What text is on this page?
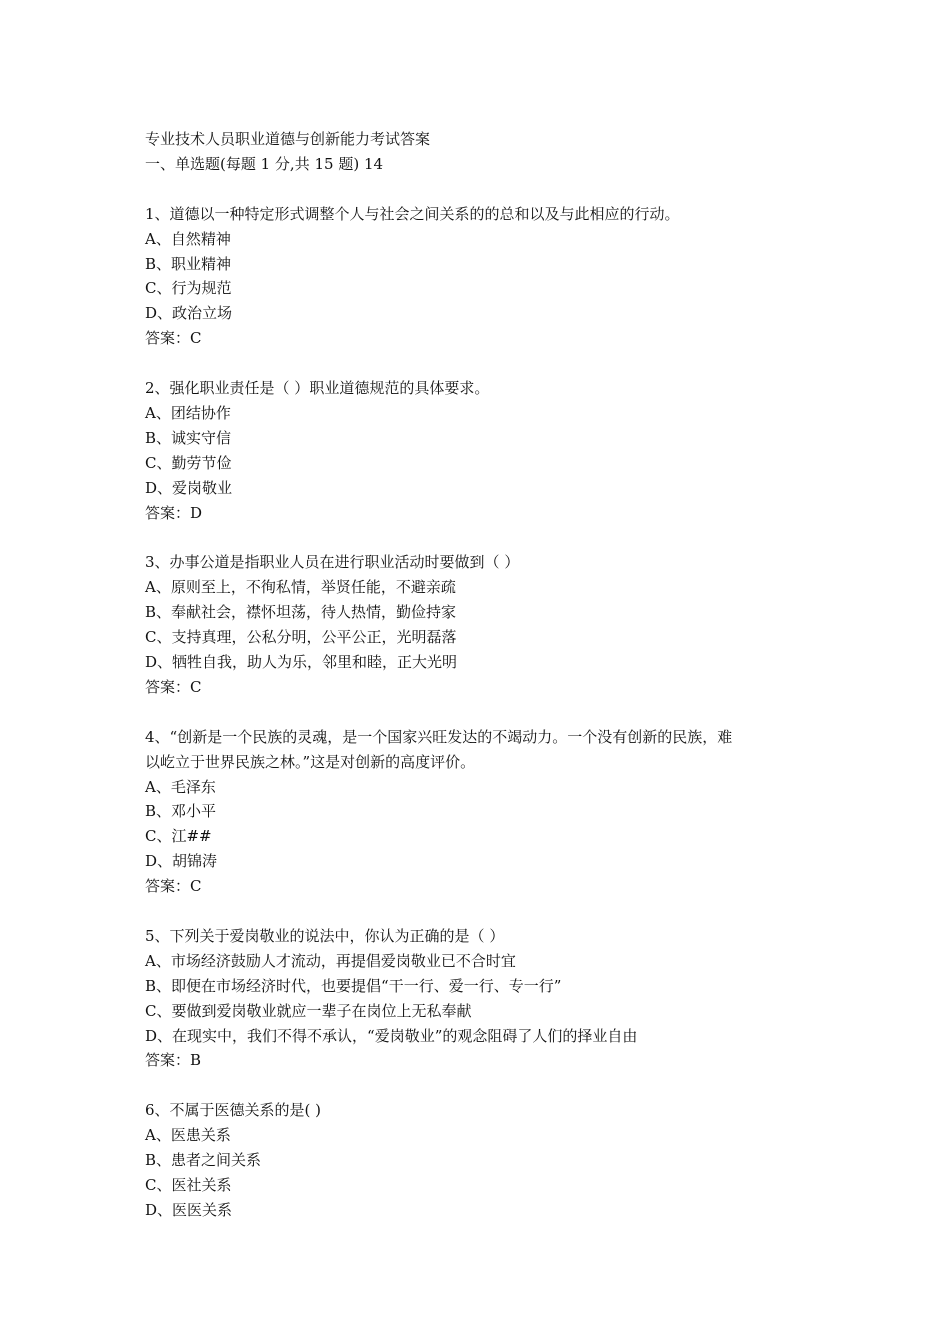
专业技术人员职业道德与创新能力考试答案
一、单选题(每题 1 分,共 15 题) 14
1、道德以一种特定形式调整个人与社会之间关系的的总和以及与此相应的行动。
A、自然精神
B、职业精神
C、行为规范
D、政治立场
答案：C
2、强化职业责任是（ ）职业道德规范的具体要求。
A、团结协作
B、诚实守信
C、勤劳节俭
D、爱岗敬业
答案：D
3、办事公道是指职业人员在进行职业活动时要做到（ ）
A、原则至上，不徇私情，举贤任能，不避亲疏
B、奉献社会，襟怀坦荡，待人热情，勤俭持家
C、支持真理，公私分明，公平公正，光明磊落
D、牺牲自我，助人为乐，邻里和睦，正大光明
答案：C
4、“创新是一个民族的灵魂，是一个国家兴旺发达的不竭动力。一个没有创新的民族，难
以屹立于世界民族之林。”这是对创新的高度评价。
A、毛泽东
B、邓小平
C、江##
D、胡锦涛
答案：C
5、下列关于爱岗敬业的说法中，你认为正确的是（ ）
A、市场经济鼓励人才流动，再提倡爱岗敬业已不合时宜
B、即便在市场经济时代，也要提倡“干一行、爱一行、专一行”
C、要做到爱岗敬业就应一辈子在岗位上无私奉献
D、在现实中，我们不得不承认，“爱岗敬业”的观念阻碍了人们的择业自由
答案：B
6、不属于医德关系的是( )
A、医患关系
B、患者之间关系
C、医社关系
D、医医关系
